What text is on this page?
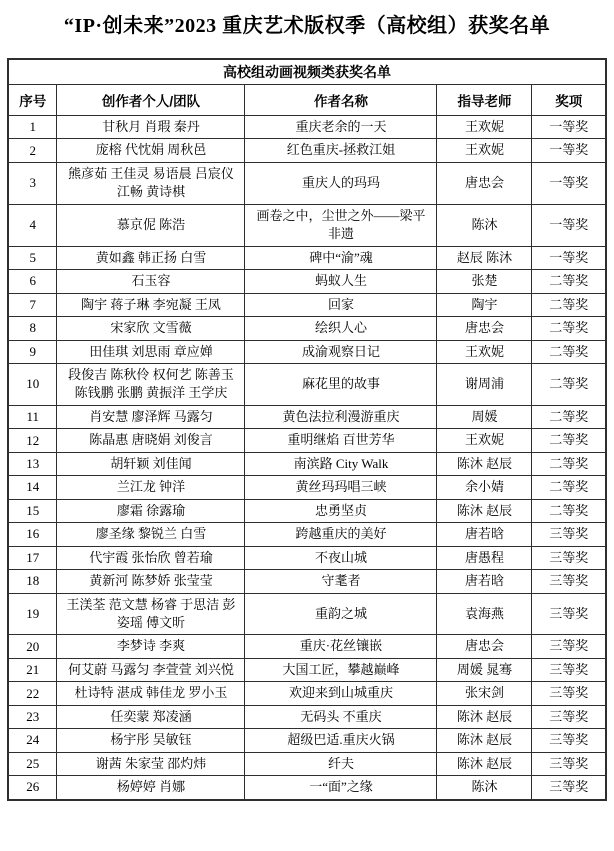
“IP·创未来”2023 重庆艺术版权季（高校组）获奖名单
高校组动画视频类获奖名单				
序号	创作者个人/团队	作者名称	指导老师	奖项
1	甘秋月 肖瑕 秦丹	重庆老余的一天	王欢妮	一等奖
2	庞榕 代忱娟 周秋邑	红色重庆-拯救江姐	王欢妮	一等奖
3	熊彦茹 王佳灵 易语晨 吕宸仪 江畅 黄诗棋	重庆人的玛玛	唐忠会	一等奖
4	慕京伲 陈浩	画卷之中，尘世之外——梁平非遗	陈沐	一等奖
5	黄如鑫 韩正扬 白雪	碑中“渝”魂	赵辰 陈沐	一等奖
6	石玉容	蚂蚁人生	张楚	二等奖
7	陶宇 蒋子琳 李宛凝 王凤	回家	陶宇	二等奖
8	宋家欣 文雪薇	绘织人心	唐忠会	二等奖
9	田佳琪 刘思雨 章应婵	成渝观察日记	王欢妮	二等奖
10	段俊吉 陈秋伶 权何艺 陈善玉 陈钱鹏 张鹏 黄振洋 王学庆	麻花里的故事	谢周浦	二等奖
11	肖安慧 廖泽辉 马露匀	黄色法拉利漫游重庆	周媛	二等奖
12	陈晶惠 唐晓娟 刘俊言	重明继焰 百世芳华	王欢妮	二等奖
13	胡轩颖 刘佳闻	南滨路 City Walk	陈沐 赵辰	二等奖
14	兰江龙 钟洋	黄丝玛玛唱三峡	余小婧	二等奖
15	廖霜 徐露瑜	忠勇坚贞	陈沐 赵辰	二等奖
16	廖圣缘 黎锐兰 白雪	跨越重庆的美好	唐若晗	三等奖
17	代宇霞 张怡欣 曾若瑜	不夜山城	唐愚程	三等奖
18	黄新河 陈梦娇 张莹莹	守耄者	唐若晗	三等奖
19	王渼荃 范文慧 杨睿 于思洁 彭姿瑶 傅文昕	重韵之城	袁海燕	三等奖
20	李梦诗 李爽	重庆·花丝镶嵌	唐忠会	三等奖
21	何艾蔚 马露匀 李萱萱 刘兴悦	大国工匠，攀越巅峰	周媛 晁骞	三等奖
22	杜诗特 湛成 韩佳龙 罗小玉	欢迎来到山城重庆	张宋剑	三等奖
23	任奕蒙 郑凌涵	无码头 不重庆	陈沐 赵辰	三等奖
24	杨宇彤 吴敏钰	超级巴适.重庆火锅	陈沐 赵辰	三等奖
25	谢茜 朱家莹 邵灼炜	纤夫	陈沐 赵辰	三等奖
26	杨婷婷 肖娜	一“面”之缘	陈沐	三等奖
